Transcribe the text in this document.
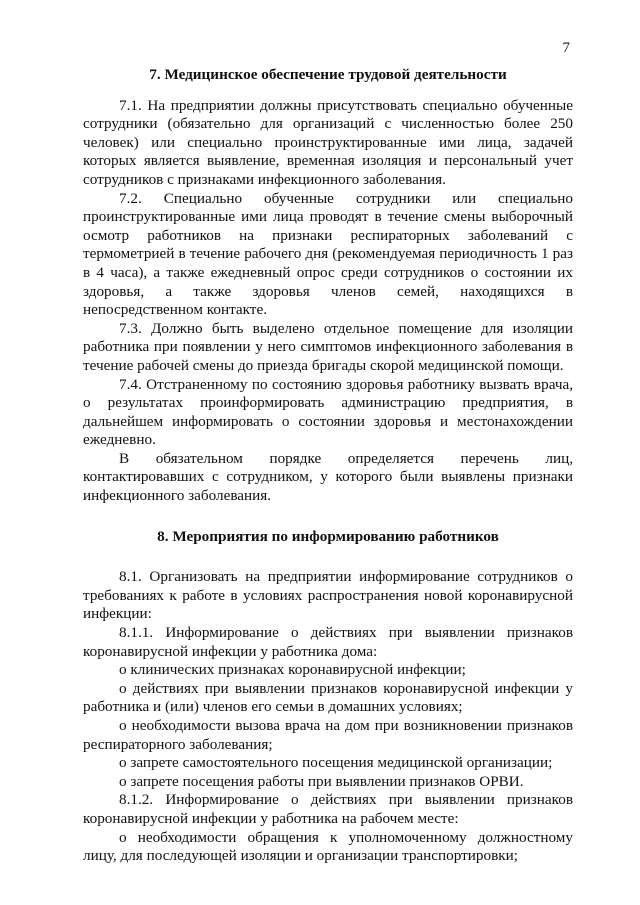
7
7. Медицинское обеспечение трудовой деятельности

7.1. На предприятии должны присутствовать специально обученные сотрудники (обязательно для организаций с численностью более 250 человек) или специально проинструктированные ими лица, задачей которых является выявление, временная изоляция и персональный учет сотрудников с признаками инфекционного заболевания.

7.2. Специально обученные сотрудники или специально проинструктированные ими лица проводят в течение смены выборочный осмотр работников на признаки респираторных заболеваний с термометрией в течение рабочего дня (рекомендуемая периодичность 1 раз в 4 часа), а также ежедневный опрос среди сотрудников о состоянии их здоровья, а также здоровья членов семей, находящихся в непосредственном контакте.

7.3. Должно быть выделено отдельное помещение для изоляции работника при появлении у него симптомов инфекционного заболевания в течение рабочей смены до приезда бригады скорой медицинской помощи.

7.4. Отстраненному по состоянию здоровья работнику вызвать врача, о результатах проинформировать администрацию предприятия, в дальнейшем информировать о состоянии здоровья и местонахождении ежедневно.

В обязательном порядке определяется перечень лиц, контактировавших с сотрудником, у которого были выявлены признаки инфекционного заболевания.

8. Мероприятия по информированию работников

8.1. Организовать на предприятии информирование сотрудников о требованиях к работе в условиях распространения новой коронавирусной инфекции:

8.1.1. Информирование о действиях при выявлении признаков коронавирусной инфекции у работника дома:

о клинических признаках коронавирусной инфекции;

о действиях при выявлении признаков коронавирусной инфекции у работника и (или) членов его семьи в домашних условиях;

о необходимости вызова врача на дом при возникновении признаков респираторного заболевания;

о запрете самостоятельного посещения медицинской организации;

о запрете посещения работы при выявлении признаков ОРВИ.

8.1.2. Информирование о действиях при выявлении признаков коронавирусной инфекции у работника на рабочем месте:

о необходимости обращения к уполномоченному должностному лицу, для последующей изоляции и организации транспортировки;
